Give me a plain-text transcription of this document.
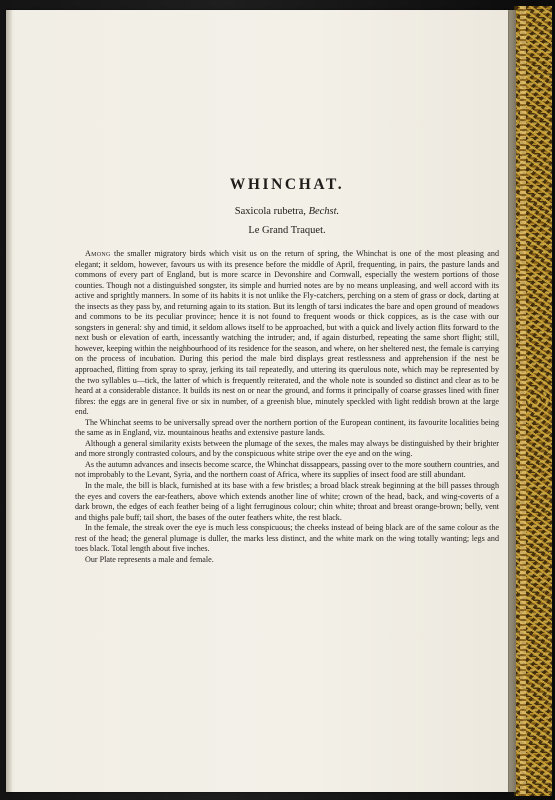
WHINCHAT.

Saxicola rubetra, Bechst.

Le Grand Traquet.

Among the smaller migratory birds which visit us on the return of spring, the Whinchat is one of the most pleasing and elegant; it seldom, however, favours us with its presence before the middle of April, frequenting, in pairs, the pasture lands and commons of every part of England, but is more scarce in Devonshire and Cornwall, especially the western portions of those counties. Though not a distinguished songster, its simple and hurried notes are by no means unpleasing, and well accord with its active and sprightly manners. In some of its habits it is not unlike the Fly-catchers, perching on a stem of grass or dock, darting at the insects as they pass by, and returning again to its station. But its length of tarsi indicates the bare and open ground of meadows and commons to be its peculiar province; hence it is not found to frequent woods or thick coppices, as is the case with our songsters in general: shy and timid, it seldom allows itself to be approached, but with a quick and lively action flits forward to the next bush or elevation of earth, incessantly watching the intruder; and, if again disturbed, repeating the same short flight; still, however, keeping within the neighbourhood of its residence for the season, and where, on her sheltered nest, the female is carrying on the process of incubation. During this period the male bird displays great restlessness and apprehension if the nest be approached, flitting from spray to spray, jerking its tail repeatedly, and uttering its querulous note, which may be represented by the two syllables u—tick, the latter of which is frequently reiterated, and the whole note is sounded so distinct and clear as to be heard at a considerable distance. It builds its nest on or near the ground, and forms it principally of coarse grasses lined with finer fibres: the eggs are in general five or six in number, of a greenish blue, minutely speckled with light reddish brown at the large end.

The Whinchat seems to be universally spread over the northern portion of the European continent, its favourite localities being the same as in England, viz. mountainous heaths and extensive pasture lands.

Although a general similarity exists between the plumage of the sexes, the males may always be distinguished by their brighter and more strongly contrasted colours, and by the conspicuous white stripe over the eye and on the wing.

As the autumn advances and insects become scarce, the Whinchat dissappears, passing over to the more southern countries, and not improbably to the Levant, Syria, and the northern coast of Africa, where its supplies of insect food are still abundant.

In the male, the bill is black, furnished at its base with a few bristles; a broad black streak beginning at the bill passes through the eyes and covers the ear-feathers, above which extends another line of white; crown of the head, back, and wing-coverts of a dark brown, the edges of each feather being of a light ferruginous colour; chin white; throat and breast orange-brown; belly, vent and thighs pale buff; tail short, the bases of the outer feathers white, the rest black.

In the female, the streak over the eye is much less conspicuous; the cheeks instead of being black are of the same colour as the rest of the head; the general plumage is duller, the marks less distinct, and the white mark on the wing totally wanting; legs and toes black. Total length about five inches.

Our Plate represents a male and female.
